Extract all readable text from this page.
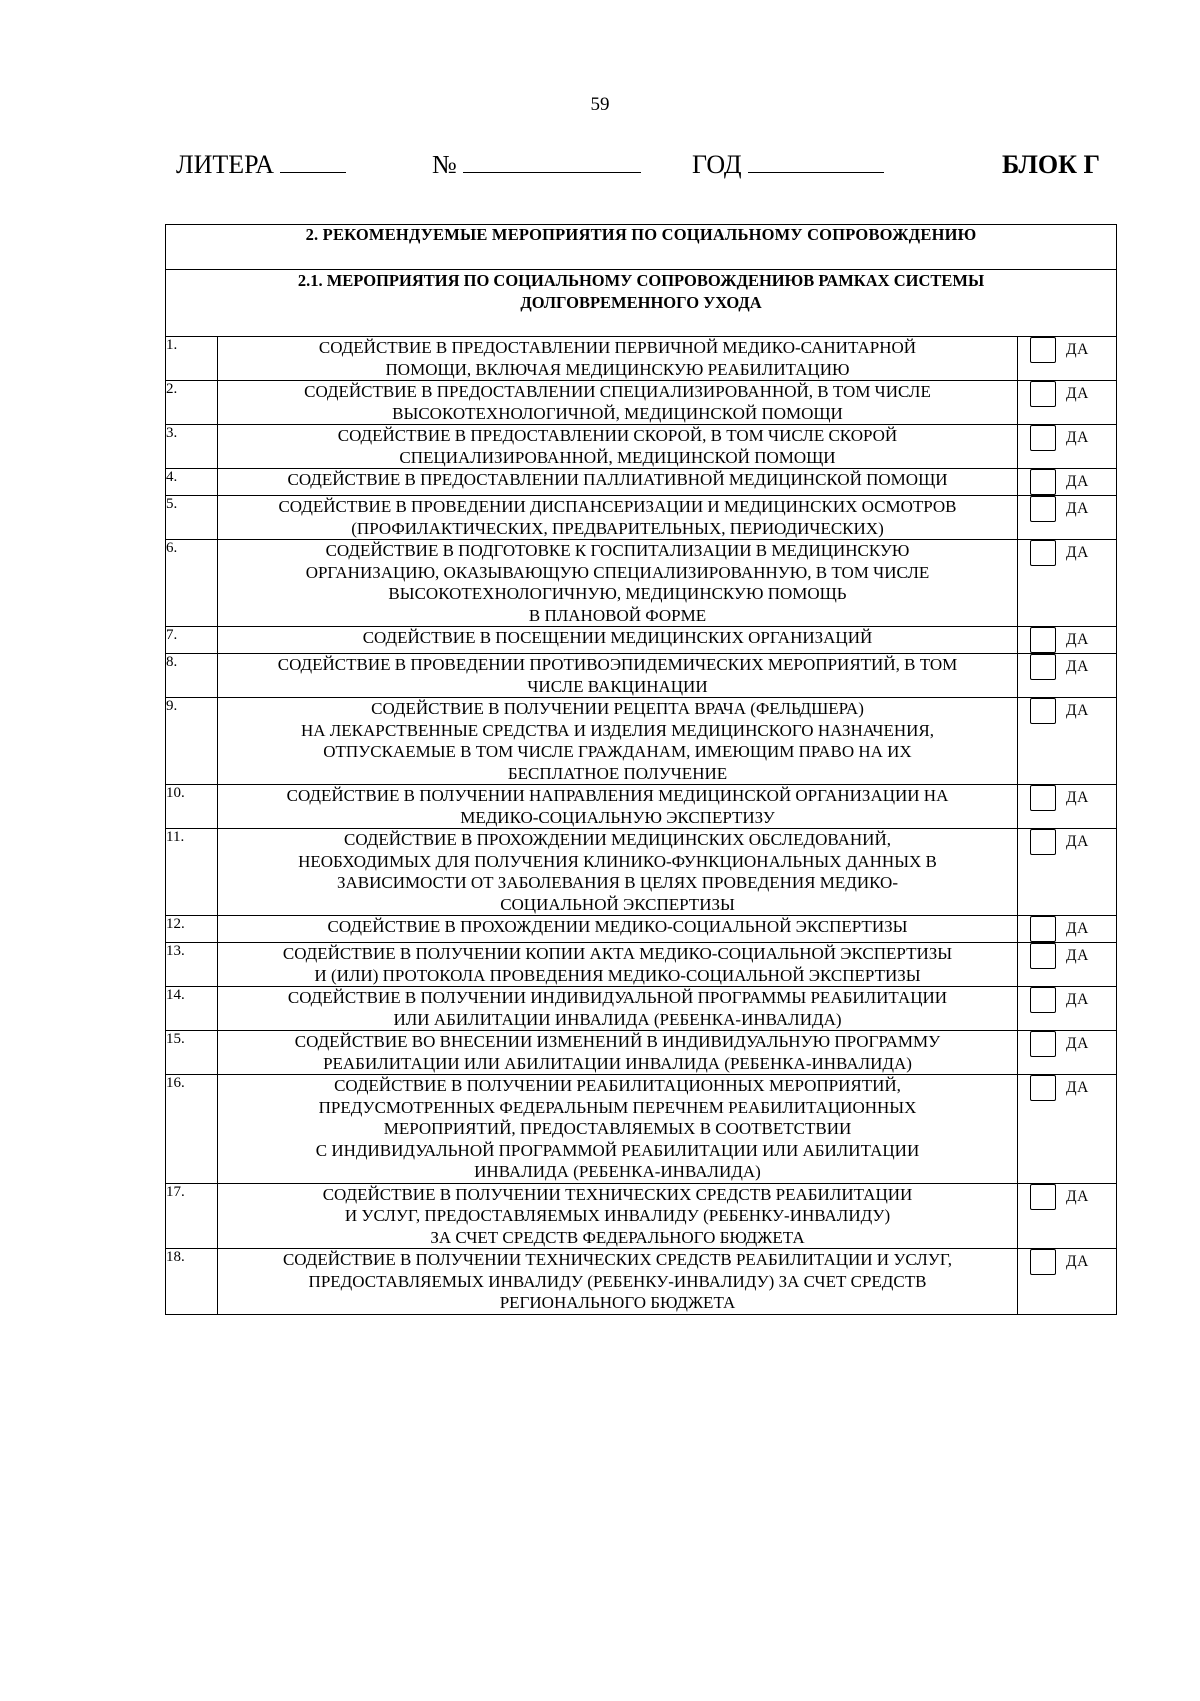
59
ЛИТЕРА	№	ГОД	БЛОК Г
2. РЕКОМЕНДУЕМЫЕ МЕРОПРИЯТИЯ ПО СОЦИАЛЬНОМУ СОПРОВОЖДЕНИЮ		

2.1. МЕРОПРИЯТИЯ ПО СОЦИАЛЬНОМУ СОПРОВОЖДЕНИЮВ РАМКАХ СИСТЕМЫ
ДОЛГОВРЕМЕННОГО УХОДА		

1.	СОДЕЙСТВИЕ В ПРЕДОСТАВЛЕНИИ ПЕРВИЧНОЙ МЕДИКО-САНИТАРНОЙ
ПОМОЩИ, ВКЛЮЧАЯ МЕДИЦИНСКУЮ РЕАБИЛИТАЦИЮ	ДА

2.	СОДЕЙСТВИЕ В ПРЕДОСТАВЛЕНИИ СПЕЦИАЛИЗИРОВАННОЙ, В ТОМ ЧИСЛЕ
ВЫСОКОТЕХНОЛОГИЧНОЙ, МЕДИЦИНСКОЙ ПОМОЩИ	ДА

3.	СОДЕЙСТВИЕ В ПРЕДОСТАВЛЕНИИ СКОРОЙ, В ТОМ ЧИСЛЕ СКОРОЙ
СПЕЦИАЛИЗИРОВАННОЙ, МЕДИЦИНСКОЙ ПОМОЩИ	ДА

4.	СОДЕЙСТВИЕ В ПРЕДОСТАВЛЕНИИ ПАЛЛИАТИВНОЙ МЕДИЦИНСКОЙ ПОМОЩИ	ДА

5.	СОДЕЙСТВИЕ В ПРОВЕДЕНИИ ДИСПАНСЕРИЗАЦИИ И МЕДИЦИНСКИХ ОСМОТРОВ
(ПРОФИЛАКТИЧЕСКИХ, ПРЕДВАРИТЕЛЬНЫХ, ПЕРИОДИЧЕСКИХ)	ДА

6.	СОДЕЙСТВИЕ В ПОДГОТОВКЕ К ГОСПИТАЛИЗАЦИИ В МЕДИЦИНСКУЮ
ОРГАНИЗАЦИЮ, ОКАЗЫВАЮЩУЮ СПЕЦИАЛИЗИРОВАННУЮ, В ТОМ ЧИСЛЕ
ВЫСОКОТЕХНОЛОГИЧНУЮ, МЕДИЦИНСКУЮ ПОМОЩЬ
В ПЛАНОВОЙ ФОРМЕ	ДА

7.	СОДЕЙСТВИЕ В ПОСЕЩЕНИИ МЕДИЦИНСКИХ ОРГАНИЗАЦИЙ	ДА

8.	СОДЕЙСТВИЕ В ПРОВЕДЕНИИ ПРОТИВОЭПИДЕМИЧЕСКИХ МЕРОПРИЯТИЙ, В ТОМ
ЧИСЛЕ ВАКЦИНАЦИИ	ДА

9.	СОДЕЙСТВИЕ В ПОЛУЧЕНИИ РЕЦЕПТА ВРАЧА (ФЕЛЬДШЕРА)
НА ЛЕКАРСТВЕННЫЕ СРЕДСТВА И ИЗДЕЛИЯ МЕДИЦИНСКОГО НАЗНАЧЕНИЯ,
ОТПУСКАЕМЫЕ В ТОМ ЧИСЛЕ ГРАЖДАНАМ, ИМЕЮЩИМ ПРАВО НА ИХ
БЕСПЛАТНОЕ ПОЛУЧЕНИЕ	ДА

10.	СОДЕЙСТВИЕ В ПОЛУЧЕНИИ НАПРАВЛЕНИЯ МЕДИЦИНСКОЙ ОРГАНИЗАЦИИ НА
МЕДИКО-СОЦИАЛЬНУЮ ЭКСПЕРТИЗУ	ДА

11.	СОДЕЙСТВИЕ В ПРОХОЖДЕНИИ МЕДИЦИНСКИХ ОБСЛЕДОВАНИЙ,
НЕОБХОДИМЫХ ДЛЯ ПОЛУЧЕНИЯ КЛИНИКО-ФУНКЦИОНАЛЬНЫХ ДАННЫХ В
ЗАВИСИМОСТИ ОТ ЗАБОЛЕВАНИЯ В ЦЕЛЯХ ПРОВЕДЕНИЯ МЕДИКО-
СОЦИАЛЬНОЙ ЭКСПЕРТИЗЫ	ДА

12.	СОДЕЙСТВИЕ В ПРОХОЖДЕНИИ МЕДИКО-СОЦИАЛЬНОЙ ЭКСПЕРТИЗЫ	ДА

13.	СОДЕЙСТВИЕ В ПОЛУЧЕНИИ КОПИИ АКТА МЕДИКО-СОЦИАЛЬНОЙ ЭКСПЕРТИЗЫ
И (ИЛИ) ПРОТОКОЛА ПРОВЕДЕНИЯ МЕДИКО-СОЦИАЛЬНОЙ ЭКСПЕРТИЗЫ	ДА

14.	СОДЕЙСТВИЕ В ПОЛУЧЕНИИ ИНДИВИДУАЛЬНОЙ ПРОГРАММЫ РЕАБИЛИТАЦИИ
ИЛИ АБИЛИТАЦИИ ИНВАЛИДА (РЕБЕНКА-ИНВАЛИДА)	ДА

15.	СОДЕЙСТВИЕ ВО ВНЕСЕНИИ ИЗМЕНЕНИЙ В ИНДИВИДУАЛЬНУЮ ПРОГРАММУ
РЕАБИЛИТАЦИИ ИЛИ АБИЛИТАЦИИ ИНВАЛИДА (РЕБЕНКА-ИНВАЛИДА)	ДА

16.	СОДЕЙСТВИЕ В ПОЛУЧЕНИИ РЕАБИЛИТАЦИОННЫХ МЕРОПРИЯТИЙ,
ПРЕДУСМОТРЕННЫХ ФЕДЕРАЛЬНЫМ ПЕРЕЧНЕМ РЕАБИЛИТАЦИОННЫХ
МЕРОПРИЯТИЙ, ПРЕДОСТАВЛЯЕМЫХ В СООТВЕТСТВИИ
С ИНДИВИДУАЛЬНОЙ ПРОГРАММОЙ РЕАБИЛИТАЦИИ ИЛИ АБИЛИТАЦИИ
ИНВАЛИДА (РЕБЕНКА-ИНВАЛИДА)	ДА

17.	СОДЕЙСТВИЕ В ПОЛУЧЕНИИ ТЕХНИЧЕСКИХ СРЕДСТВ РЕАБИЛИТАЦИИ
И УСЛУГ, ПРЕДОСТАВЛЯЕМЫХ ИНВАЛИДУ (РЕБЕНКУ-ИНВАЛИДУ)
ЗА СЧЕТ СРЕДСТВ ФЕДЕРАЛЬНОГО БЮДЖЕТА	ДА

18.	СОДЕЙСТВИЕ В ПОЛУЧЕНИИ ТЕХНИЧЕСКИХ СРЕДСТВ РЕАБИЛИТАЦИИ И УСЛУГ,
ПРЕДОСТАВЛЯЕМЫХ ИНВАЛИДУ (РЕБЕНКУ-ИНВАЛИДУ) ЗА СЧЕТ СРЕДСТВ
РЕГИОНАЛЬНОГО БЮДЖЕТА	ДА
